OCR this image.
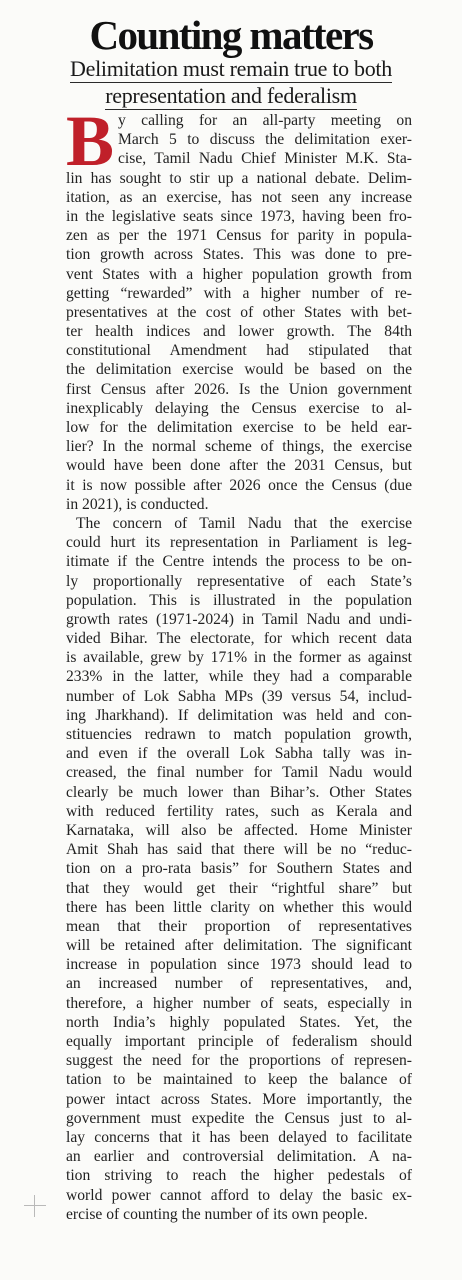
Counting matters
Delimitation must remain true to both
representation and federalism
B y calling for an all-party meeting on
March 5 to discuss the delimitation exer-
cise, Tamil Nadu Chief Minister M.K. Sta-
lin has sought to stir up a national debate. Delim-
itation, as an exercise, has not seen any increase
in the legislative seats since 1973, having been fro-
zen as per the 1971 Census for parity in popula-
tion growth across States. This was done to pre-
vent States with a higher population growth from
getting “rewarded” with a higher number of re-
presentatives at the cost of other States with bet-
ter health indices and lower growth. The 84th
constitutional Amendment had stipulated that
the delimitation exercise would be based on the
first Census after 2026. Is the Union government
inexplicably delaying the Census exercise to al-
low for the delimitation exercise to be held ear-
lier? In the normal scheme of things, the exercise
would have been done after the 2031 Census, but
it is now possible after 2026 once the Census (due
in 2021), is conducted.
The concern of Tamil Nadu that the exercise
could hurt its representation in Parliament is leg-
itimate if the Centre intends the process to be on-
ly proportionally representative of each State’s
population. This is illustrated in the population
growth rates (1971-2024) in Tamil Nadu and undi-
vided Bihar. The electorate, for which recent data
is available, grew by 171% in the former as against
233% in the latter, while they had a comparable
number of Lok Sabha MPs (39 versus 54, includ-
ing Jharkhand). If delimitation was held and con-
stituencies redrawn to match population growth,
and even if the overall Lok Sabha tally was in-
creased, the final number for Tamil Nadu would
clearly be much lower than Bihar’s. Other States
with reduced fertility rates, such as Kerala and
Karnataka, will also be affected. Home Minister
Amit Shah has said that there will be no “reduc-
tion on a pro-rata basis” for Southern States and
that they would get their “rightful share” but
there has been little clarity on whether this would
mean that their proportion of representatives
will be retained after delimitation. The significant
increase in population since 1973 should lead to
an increased number of representatives, and,
therefore, a higher number of seats, especially in
north India’s highly populated States. Yet, the
equally important principle of federalism should
suggest the need for the proportions of represen-
tation to be maintained to keep the balance of
power intact across States. More importantly, the
government must expedite the Census just to al-
lay concerns that it has been delayed to facilitate
an earlier and controversial delimitation. A na-
tion striving to reach the higher pedestals of
world power cannot afford to delay the basic ex-
ercise of counting the number of its own people.
